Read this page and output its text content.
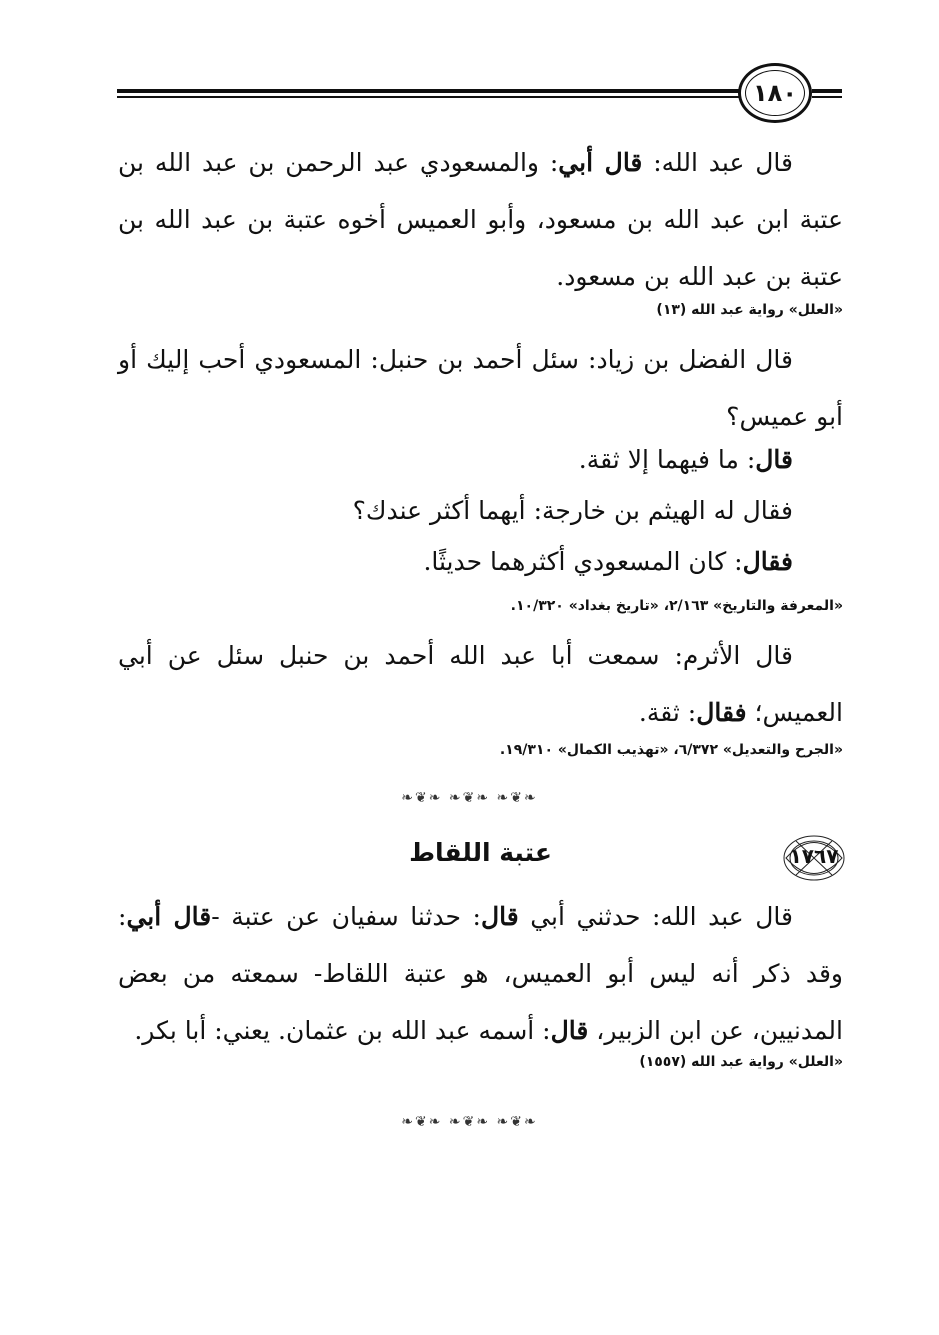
١٨٠
قال عبد الله: قال أبي: والمسعودي عبد الرحمن بن عبد الله بن عتبة ابن عبد الله بن مسعود، وأبو العميس أخوه عتبة بن عبد الله بن عتبة بن عبد الله بن مسعود.
«العلل» رواية عبد الله (١٣)
قال الفضل بن زياد: سئل أحمد بن حنبل: المسعودي أحب إليك أو أبو عميس؟
قال: ما فيهما إلا ثقة.
فقال له الهيثم بن خارجة: أيهما أكثر عندك؟
فقال: كان المسعودي أكثرهما حديثًا.
«المعرفة والتاريخ» ٢/١٦٣، «تاريخ بغداد» ١٠/٣٢٠.
قال الأثرم: سمعت أبا عبد الله أحمد بن حنبل سئل عن أبي العميس؛ فقال: ثقة.
«الجرح والتعديل» ٦/٣٧٢، «تهذيب الكمال» ١٩/٣١٠.
❧❦❧ ❧❦❧ ❧❦❧
١٧٦٧
عتبة اللقاط
قال عبد الله: حدثني أبي قال: حدثنا سفيان عن عتبة -قال أبي: وقد ذكر أنه ليس أبو العميس، هو عتبة اللقاط- سمعته من بعض المدنيين، عن ابن الزبير، قال: أسمه عبد الله بن عثمان. يعني: أبا بكر.
«العلل» رواية عبد الله (١٥٥٧)
❧❦❧ ❧❦❧ ❧❦❧
